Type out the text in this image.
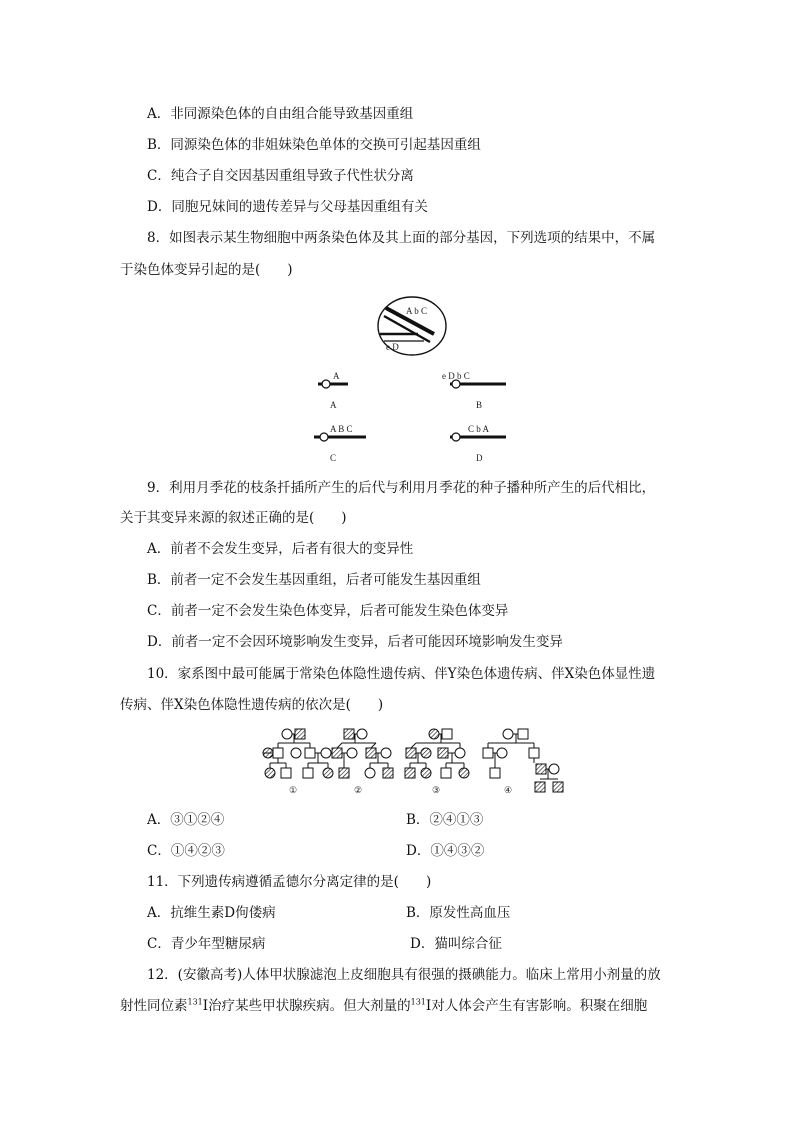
A．非同源染色体的自由组合能导致基因重组
B．同源染色体的非姐妹染色单体的交换可引起基因重组
C．纯合子自交因基因重组导致子代性状分离
D．同胞兄妹间的遗传差异与父母基因重组有关
8．如图表示某生物细胞中两条染色体及其上面的部分基因，下列选项的结果中，不属
于染色体变异引起的是(　　)
A b C
e D
A
A
e D b C
B
A B C
C
C b A
D
9．利用月季花的枝条扦插所产生的后代与利用月季花的种子播种所产生的后代相比，
关于其变异来源的叙述正确的是(　　)
A．前者不会发生变异，后者有很大的变异性
B．前者一定不会发生基因重组，后者可能发生基因重组
C．前者一定不会发生染色体变异，后者可能发生染色体变异
D．前者一定不会因环境影响发生变异，后者可能因环境影响发生变异
10．家系图中最可能属于常染色体隐性遗传病、伴Y染色体遗传病、伴X染色体显性遗
传病、伴X染色体隐性遗传病的依次是(　　)
①	②	③	④
A．③①②④	B．②④①③
C．①④②③	D．①④③②
11．下列遗传病遵循孟德尔分离定律的是(　　)
A．抗维生素D佝偻病	B．原发性高血压
C．青少年型糖尿病	D．猫叫综合征
12．(安徽高考)人体甲状腺滤泡上皮细胞具有很强的摄碘能力。临床上常用小剂量的放
射性同位素$^{131}$I治疗某些甲状腺疾病。但大剂量的$^{131}$I对人体会产生有害影响。积聚在细胞
